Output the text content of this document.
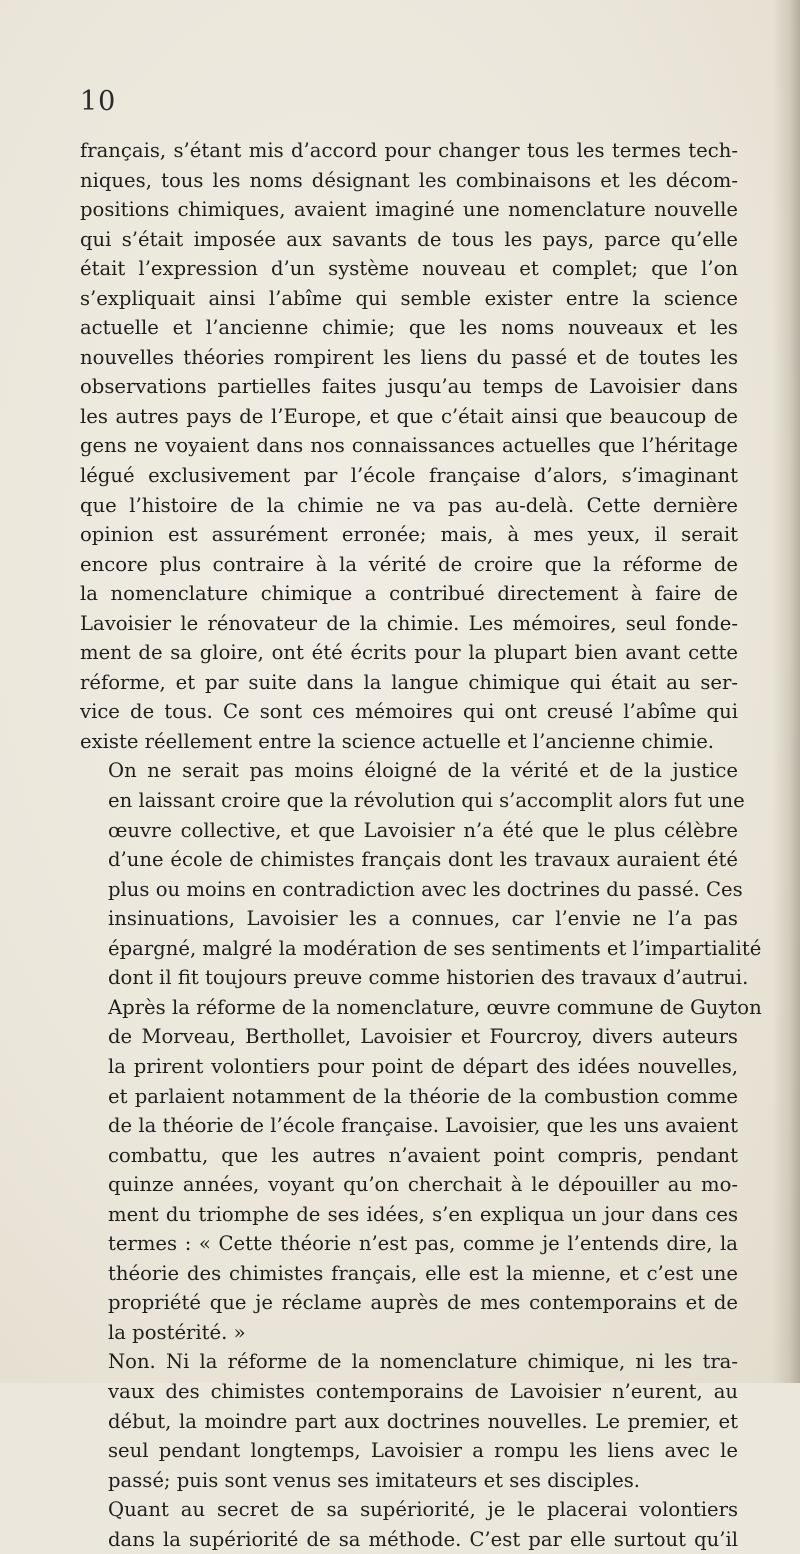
10

français, s’étant mis d’accord pour changer tous les termes tech-
niques, tous les noms désignant les combinaisons et les décom-
positions chimiques, avaient imaginé une nomenclature nouvelle
qui s’était imposée aux savants de tous les pays, parce qu’elle
était l’expression d’un système nouveau et complet; que l’on
s’expliquait ainsi l’abîme qui semble exister entre la science
actuelle et l’ancienne chimie; que les noms nouveaux et les
nouvelles théories rompirent les liens du passé et de toutes les
observations partielles faites jusqu’au temps de Lavoisier dans
les autres pays de l’Europe, et que c’était ainsi que beaucoup de
gens ne voyaient dans nos connaissances actuelles que l’héritage
légué exclusivement par l’école française d’alors, s’imaginant
que l’histoire de la chimie ne va pas au-delà. Cette dernière
opinion est assurément erronée; mais, à mes yeux, il serait
encore plus contraire à la vérité de croire que la réforme de
la nomenclature chimique a contribué directement à faire de
Lavoisier le rénovateur de la chimie. Les mémoires, seul fonde-
ment de sa gloire, ont été écrits pour la plupart bien avant cette
réforme, et par suite dans la langue chimique qui était au ser-
vice de tous. Ce sont ces mémoires qui ont creusé l’abîme qui
existe réellement entre la science actuelle et l’ancienne chimie.

On ne serait pas moins éloigné de la vérité et de la justice
en laissant croire que la révolution qui s’accomplit alors fut une
œuvre collective, et que Lavoisier n’a été que le plus célèbre
d’une école de chimistes français dont les travaux auraient été
plus ou moins en contradiction avec les doctrines du passé. Ces
insinuations, Lavoisier les a connues, car l’envie ne l’a pas
épargné, malgré la modération de ses sentiments et l’impartialité
dont il fit toujours preuve comme historien des travaux d’autrui.
Après la réforme de la nomenclature, œuvre commune de Guyton
de Morveau, Berthollet, Lavoisier et Fourcroy, divers auteurs
la prirent volontiers pour point de départ des idées nouvelles,
et parlaient notamment de la théorie de la combustion comme
de la théorie de l’école française. Lavoisier, que les uns avaient
combattu, que les autres n’avaient point compris, pendant
quinze années, voyant qu’on cherchait à le dépouiller au mo-
ment du triomphe de ses idées, s’en expliqua un jour dans ces
termes : « Cette théorie n’est pas, comme je l’entends dire, la
théorie des chimistes français, elle est la mienne, et c’est une
propriété que je réclame auprès de mes contemporains et de
la postérité. »

Non. Ni la réforme de la nomenclature chimique, ni les tra-
vaux des chimistes contemporains de Lavoisier n’eurent, au
début, la moindre part aux doctrines nouvelles. Le premier, et
seul pendant longtemps, Lavoisier a rompu les liens avec le
passé; puis sont venus ses imitateurs et ses disciples.

Quant au secret de sa supériorité, je le placerai volontiers
dans la supériorité de sa méthode. C’est par elle surtout qu’il
